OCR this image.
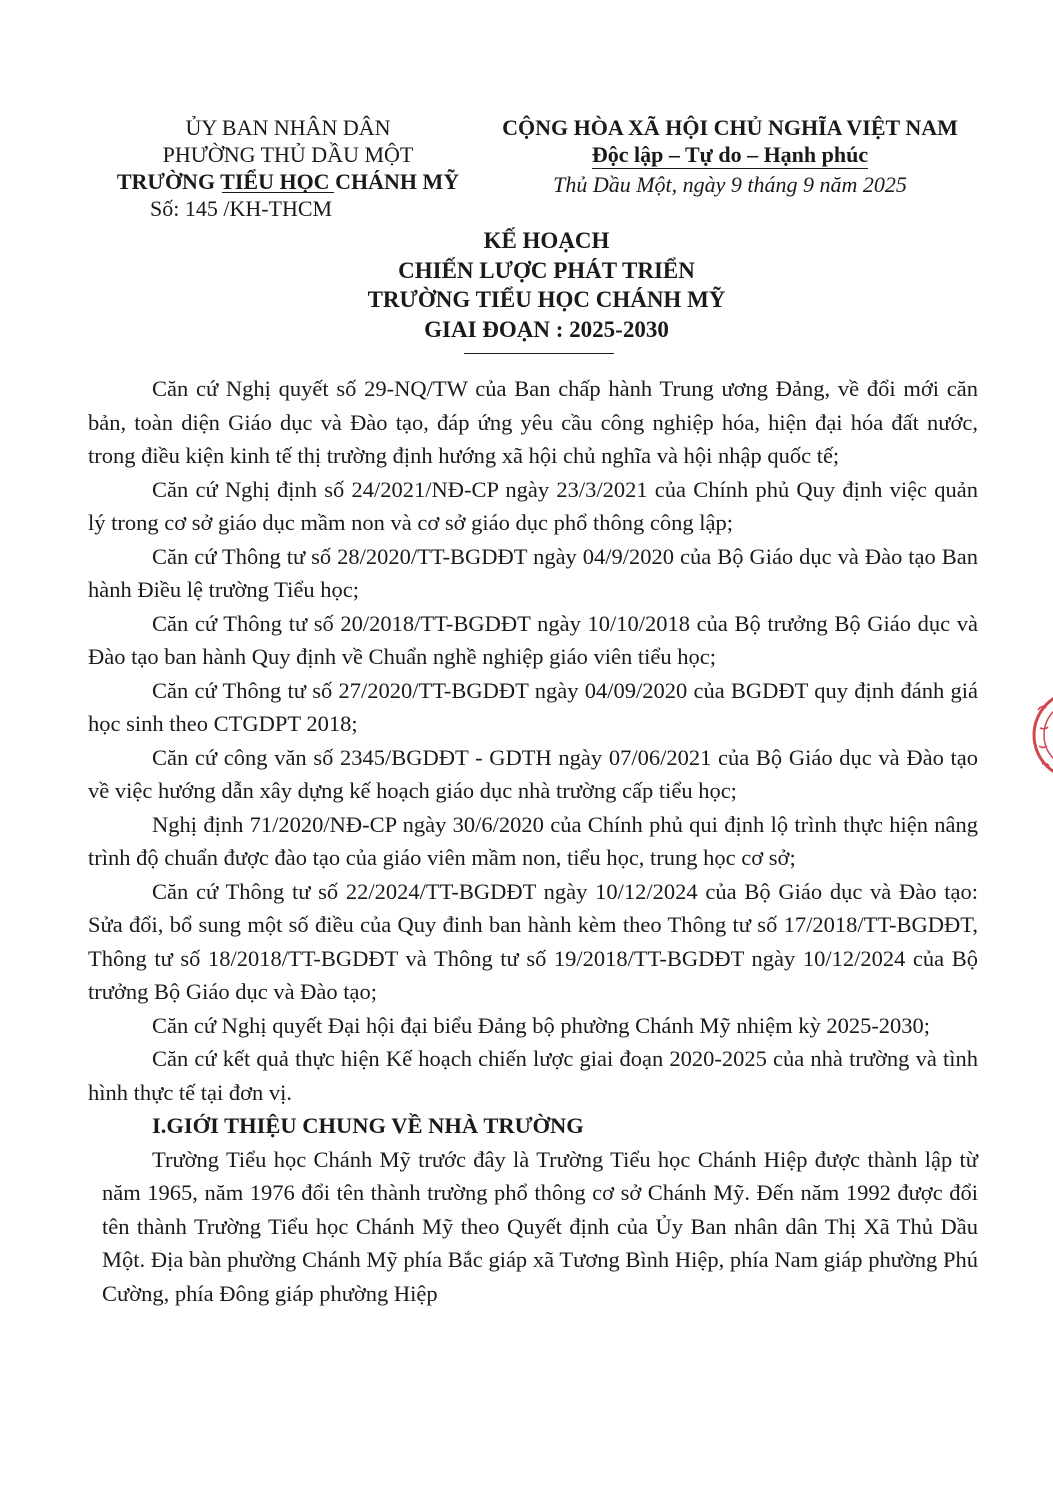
ỦY BAN NHÂN DÂN
PHƯỜNG THỦ DẦU MỘT
TRƯỜNG TIỂU HỌC CHÁNH MỸ
Số: 145 /KH-THCM
CỘNG HÒA XÃ HỘI CHỦ NGHĨA VIỆT NAM
Độc lập – Tự do – Hạnh phúc
Thủ Dầu Một, ngày 9 tháng 9 năm 2025
KẾ HOẠCH
CHIẾN LƯỢC PHÁT TRIỂN
TRƯỜNG TIỂU HỌC CHÁNH MỸ
GIAI ĐOẠN : 2025-2030

Căn cứ Nghị quyết số 29-NQ/TW của Ban chấp hành Trung ương Đảng, về đổi mới căn bản, toàn diện Giáo dục và Đào tạo, đáp ứng yêu cầu công nghiệp hóa, hiện đại hóa đất nước, trong điều kiện kinh tế thị trường định hướng xã hội chủ nghĩa và hội nhập quốc tế;

Căn cứ Nghị định số 24/2021/NĐ-CP ngày 23/3/2021 của Chính phủ Quy định việc quản lý trong cơ sở giáo dục mầm non và cơ sở giáo dục phổ thông công lập;

Căn cứ Thông tư số 28/2020/TT-BGDĐT ngày 04/9/2020 của Bộ Giáo dục và Đào tạo Ban hành Điều lệ trường Tiểu học;

Căn cứ Thông tư số 20/2018/TT-BGDĐT ngày 10/10/2018 của Bộ trưởng Bộ Giáo dục và Đào tạo ban hành Quy định về Chuẩn nghề nghiệp giáo viên tiểu học;

Căn cứ Thông tư số 27/2020/TT-BGDĐT ngày 04/09/2020 của BGDĐT quy định đánh giá học sinh theo CTGDPT 2018;

Căn cứ công văn số 2345/BGDĐT - GDTH ngày 07/06/2021 của Bộ Giáo dục và Đào tạo về việc hướng dẫn xây dựng kế hoạch giáo dục nhà trường cấp tiểu học;

Nghị định 71/2020/NĐ-CP ngày 30/6/2020 của Chính phủ qui định lộ trình thực hiện nâng trình độ chuẩn được đào tạo của giáo viên mầm non, tiểu học, trung học cơ sở;

Căn cứ Thông tư số 22/2024/TT-BGDĐT ngày 10/12/2024 của Bộ Giáo dục và Đào tạo: Sửa đổi, bổ sung một số điều của Quy đinh ban hành kèm theo Thông tư số 17/2018/TT-BGDĐT, Thông tư số 18/2018/TT-BGDĐT và Thông tư số 19/2018/TT-BGDĐT ngày 10/12/2024 của Bộ trưởng Bộ Giáo dục và Đào tạo;

Căn cứ Nghị quyết Đại hội đại biểu Đảng bộ phường Chánh Mỹ nhiệm kỳ 2025-2030;

Căn cứ kết quả thực hiện Kế hoạch chiến lược giai đoạn 2020-2025 của nhà trường và tình hình thực tế tại đơn vị.

I.GIỚI THIỆU CHUNG VỀ NHÀ TRƯỜNG

Trường Tiểu học Chánh Mỹ trước đây là Trường Tiểu học Chánh Hiệp được thành lập từ năm 1965, năm 1976 đổi tên thành trường phổ thông cơ sở Chánh Mỹ. Đến năm 1992 được đổi tên thành Trường Tiểu học Chánh Mỹ theo Quyết định của Ủy Ban nhân dân Thị Xã Thủ Dầu Một. Địa bàn phường Chánh Mỹ phía Bắc giáp xã Tương Bình Hiệp, phía Nam giáp phường Phú Cường, phía Đông giáp phường Hiệp
